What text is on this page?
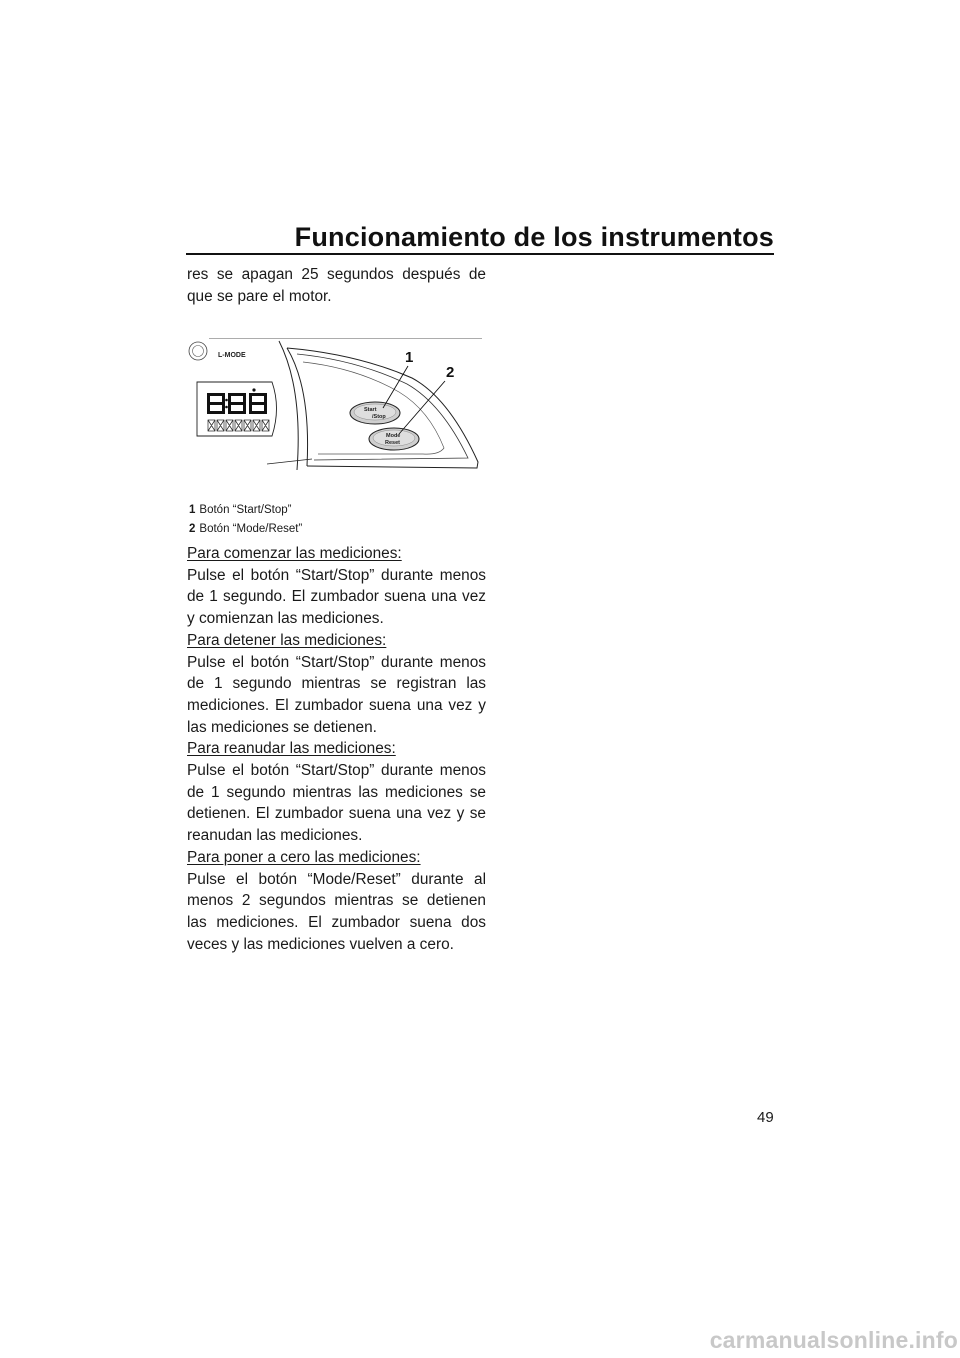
Funcionamiento de los instrumentos

res se apagan 25 segundos después de que se pare el motor.

L-MODE
Start
/Stop
Mode
Reset
1
2
1 Botón “Start/Stop”
2 Botón “Mode/Reset”
Para comenzar las mediciones:

Pulse el botón “Start/Stop” durante menos de 1 segundo. El zumbador suena una vez y comienzan las mediciones.

Para detener las mediciones:

Pulse el botón “Start/Stop” durante menos de 1 segundo mientras se registran las mediciones. El zumbador suena una vez y las mediciones se detienen.

Para reanudar las mediciones:

Pulse el botón “Start/Stop” durante menos de 1 segundo mientras las mediciones se detienen. El zumbador suena una vez y se reanudan las mediciones.

Para poner a cero las mediciones:

Pulse el botón “Mode/Reset” durante al menos 2 segundos mientras se detienen las mediciones. El zumbador suena dos veces y las mediciones vuelven a cero.

49
carmanualsonline.info
